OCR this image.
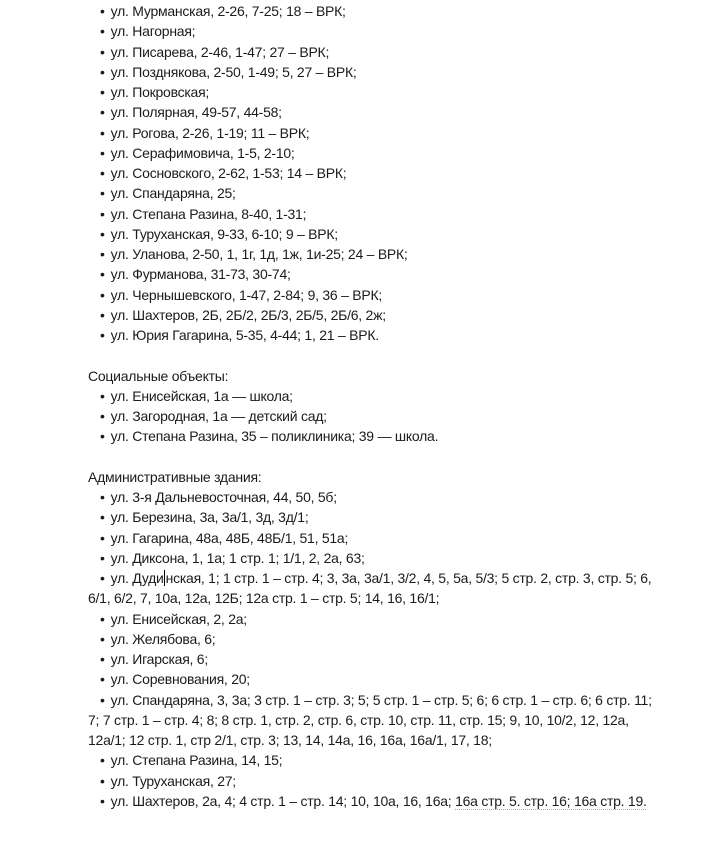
• ул. Мурманская, 2-26, 7-25; 18 – ВРК;

• ул. Нагорная;

• ул. Писарева, 2-46, 1-47; 27 – ВРК;

• ул. Позднякова, 2-50, 1-49; 5, 27 – ВРК;

• ул. Покровская;

• ул. Полярная, 49-57, 44-58;

• ул. Рогова, 2-26, 1-19; 11 – ВРК;

• ул. Серафимовича, 1-5, 2-10;

• ул. Сосновского, 2-62, 1-53; 14 – ВРК;

• ул. Спандаряна, 25;

• ул. Степана Разина, 8-40, 1-31;

• ул. Туруханская, 9-33, 6-10; 9 – ВРК;

• ул. Уланова, 2-50, 1, 1г, 1д, 1ж, 1и-25; 24 – ВРК;

• ул. Фурманова, 31-73, 30-74;

• ул. Чернышевского, 1-47, 2-84; 9, 36 – ВРК;

• ул. Шахтеров, 2Б, 2Б/2, 2Б/3, 2Б/5, 2Б/6, 2ж;

• ул. Юрия Гагарина, 5-35, 4-44; 1, 21 – ВРК.

Социальные объекты:

• ул. Енисейская, 1а — школа;

• ул. Загородная, 1а — детский сад;

• ул. Степана Разина, 35 – поликлиника; 39 — школа.

Административные здания:

• ул. 3-я Дальневосточная, 44, 50, 5б;

• ул. Березина, 3а, 3а/1, 3д, 3д/1;

• ул. Гагарина, 48а, 48Б, 48Б/1, 51, 51а;

• ул. Диксона, 1, 1а; 1 стр. 1; 1/1, 2, 2а, 63;

• ул. Дуди нская, 1; 1 стр. 1 – стр. 4; 3, 3а, 3а/1, 3/2, 4, 5, 5а, 5/3; 5 стр. 2, стр. 3, стр. 5; 6, 6/1, 6/2, 7, 10а, 12а, 12Б; 12а стр. 1 – стр. 5; 14, 16, 16/1;

• ул. Енисейская, 2, 2а;

• ул. Желябова, 6;

• ул. Игарская, 6;

• ул. Соревнования, 20;

• ул. Спандаряна, 3, 3а; 3 стр. 1 – стр. 3; 5; 5 стр. 1 – стр. 5; 6; 6 стр. 1 – стр. 6; 6 стр. 11; 7; 7 стр. 1 – стр. 4; 8; 8 стр. 1, стр. 2, стр. 6, стр. 10, стр. 11, стр. 15; 9, 10, 10/2, 12, 12а, 12а/1; 12 стр. 1, стр 2/1, стр. 3; 13, 14, 14а, 16, 16а, 16а/1, 17, 18;

• ул. Степана Разина, 14, 15;

• ул. Туруханская, 27;

• ул. Шахтеров, 2а, 4; 4 стр. 1 – стр. 14; 10, 10а, 16, 16а; 16а стр. 5. стр. 16; 16а стр. 19.
